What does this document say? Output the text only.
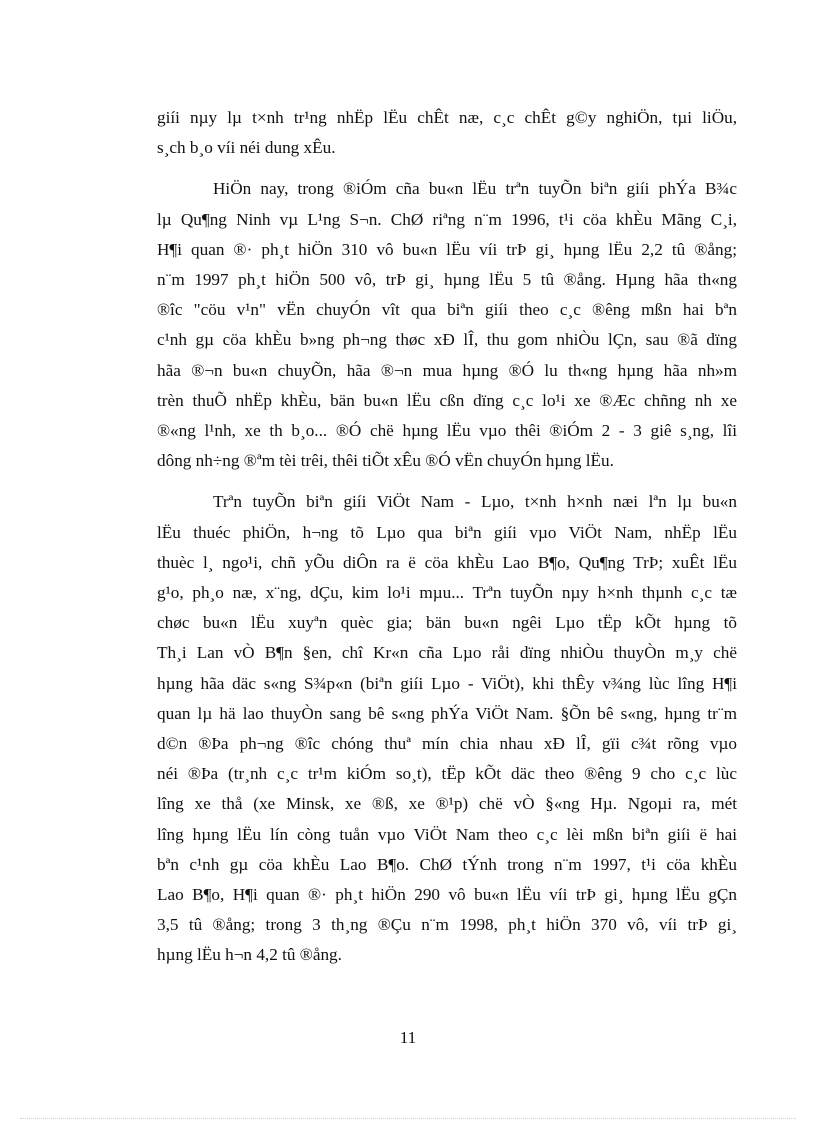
giíi nµy lµ t×nh tr¹ng nhËp lËu chÊt næ, c¸c chÊt g©y nghiÖn, tµi liÖu,
s¸ch b¸o víi néi dung xÊu.
HiÖn nay, trong ®iÓm cña bu«n lËu trªn tuyÕn biªn giíi phÝa B¾c
lµ Qu¶ng Ninh vµ L¹ng S¬n. ChØ riªng n¨m 1996, t¹i cöa khÈu Mãng C¸i,
H¶i quan ®· ph¸t hiÖn 310 vô bu«n lËu víi trÞ gi¸ hµng lËu 2,2 tû ®ång;
n¨m 1997 ph¸t hiÖn 500 vô, trÞ gi¸ hµng lËu 5 tû ®ång. Hµng hãa th«ng
®îc "cöu v¹n" vËn chuyÓn vît qua biªn giíi theo c¸c ®êng mßn hai bªn
c¹nh gµ cöa khÈu b»ng ph¬ng thøc xÐ lÎ, thu gom nhiÒu lÇn, sau ®ã dïng
hãa ®¬n bu«n chuyÕn, hãa ®¬n mua hµng ®Ó lu th«ng hµng hãa nh»m
trèn thuÕ nhËp khÈu, bän bu«n lËu cßn dïng c¸c lo¹i xe ®Æc chñng nh xe
®«ng l¹nh, xe th b¸o... ®Ó chë hµng lËu vµo thêi ®iÓm 2 - 3 giê s¸ng, lîi
dông nh÷ng ®ªm tèi trêi, thêi tiÕt xÊu ®Ó vËn chuyÓn hµng lËu.
Trªn tuyÕn biªn giíi ViÖt Nam - Lµo, t×nh h×nh næi lªn lµ bu«n
lËu thuéc phiÖn, h¬ng tõ Lµo qua biªn giíi vµo ViÖt Nam, nhËp lËu
thuèc l¸ ngo¹i, chñ yÕu diÔn ra ë cöa khÈu Lao B¶o, Qu¶ng TrÞ; xuÊt lËu
g¹o, ph¸o næ, x¨ng, dÇu, kim lo¹i mµu... Trªn tuyÕn nµy h×nh thµnh c¸c tæ
chøc bu«n lËu xuyªn quèc gia; bän bu«n ngêi Lµo tËp kÕt hµng tõ
Th¸i Lan vÒ B¶n §en, chî Kr«n cña Lµo råi dïng nhiÒu thuyÒn m¸y chë
hµng hãa däc s«ng S¾p«n (biªn giíi Lµo - ViÖt), khi thÊy v¾ng lùc lîng H¶i
quan lµ hä lao thuyÒn sang bê s«ng phÝa ViÖt Nam. §Õn bê s«ng, hµng tr¨m
d©n ®Þa ph¬ng ®îc chóng thuª mín chia nhau xÐ lÎ, gïi c¾t rõng vµo
néi ®Þa (tr¸nh c¸c tr¹m kiÓm so¸t), tËp kÕt däc theo ®êng 9 cho c¸c lùc
lîng xe thå (xe Minsk, xe ®ß, xe ®¹p) chë vÒ §«ng Hµ. Ngoµi ra, mét
lîng hµng lËu lín còng tuån vµo ViÖt Nam theo c¸c lèi mßn biªn giíi ë hai
bªn c¹nh gµ cöa khÈu Lao B¶o. ChØ tÝnh trong n¨m 1997, t¹i cöa khÈu
Lao B¶o, H¶i quan ®· ph¸t hiÖn 290 vô bu«n lËu víi trÞ gi¸ hµng lËu gÇn
3,5 tû ®ång; trong 3 th¸ng ®Çu n¨m 1998, ph¸t hiÖn 370 vô, víi trÞ gi¸
hµng lËu h¬n 4,2 tû ®ång.
11
